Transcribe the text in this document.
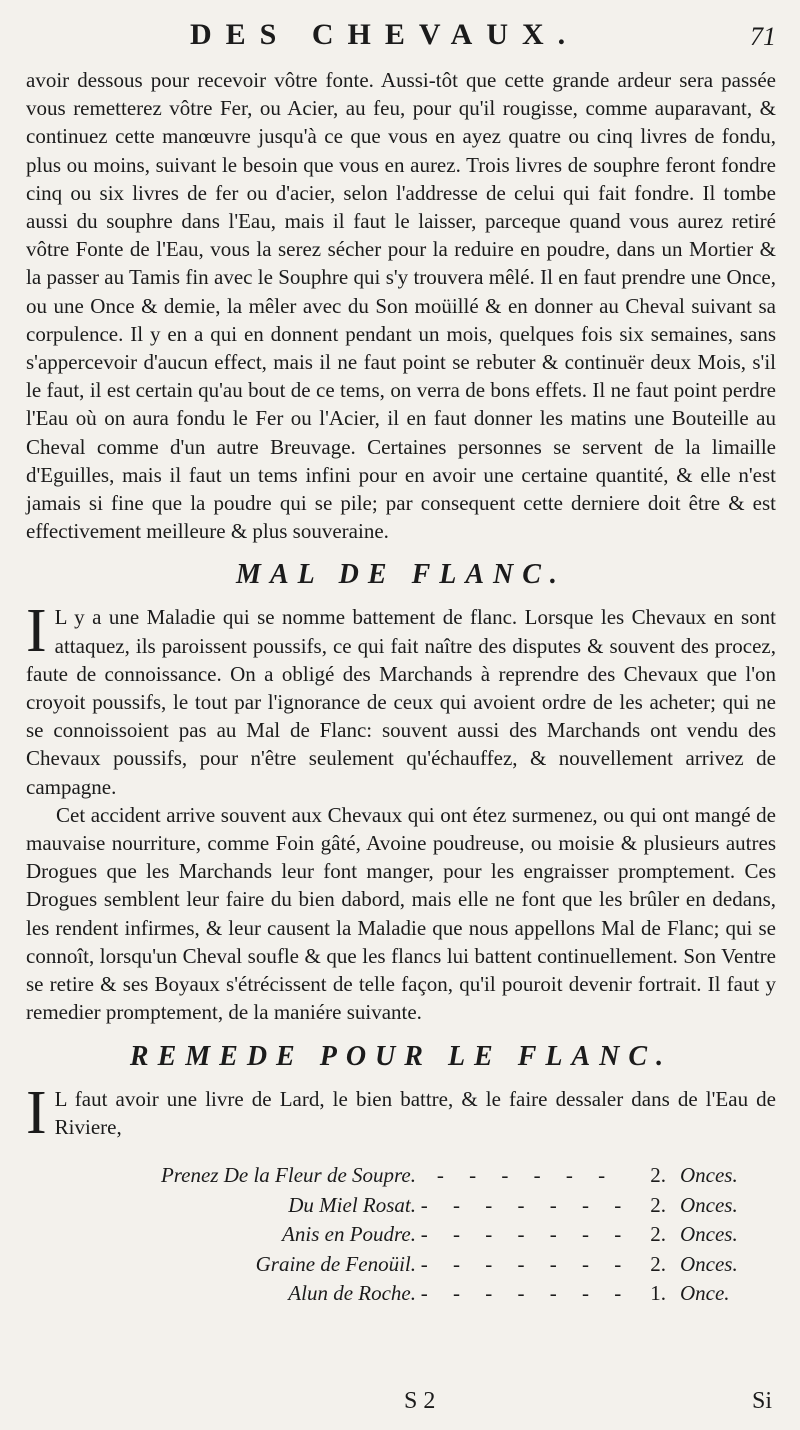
DES CHEVAUX.	71

avoir dessous pour recevoir vôtre fonte. Aussi-tôt que cette grande ardeur sera passée vous remetterez vôtre Fer, ou Acier, au feu, pour qu'il rougisse, comme auparavant, & continuez cette manœuvre jusqu'à ce que vous en ayez quatre ou cinq livres de fondu, plus ou moins, suivant le besoin que vous en aurez. Trois livres de souphre feront fondre cinq ou six livres de fer ou d'acier, selon l'addresse de celui qui fait fondre. Il tombe aussi du souphre dans l'Eau, mais il faut le laisser, parceque quand vous aurez retiré vôtre Fonte de l'Eau, vous la serez sécher pour la reduire en poudre, dans un Mortier & la passer au Tamis fin avec le Souphre qui s'y trouvera mêlé. Il en faut prendre une Once, ou une Once & demie, la mêler avec du Son moüillé & en donner au Cheval suivant sa corpulence. Il y en a qui en donnent pendant un mois, quelques fois six semaines, sans s'appercevoir d'aucun effect, mais il ne faut point se rebuter & continuër deux Mois, s'il le faut, il est certain qu'au bout de ce tems, on verra de bons effets. Il ne faut point perdre l'Eau où on aura fondu le Fer ou l'Acier, il en faut donner les matins une Bouteille au Cheval comme d'un autre Breuvage. Certaines personnes se servent de la limaille d'Eguilles, mais il faut un tems infini pour en avoir une certaine quantité, & elle n'est jamais si fine que la poudre qui se pile; par consequent cette derniere doit être & est effectivement meilleure & plus souveraine.

MAL DE FLANC.

IL y a une Maladie qui se nomme battement de flanc. Lorsque les Chevaux en sont attaquez, ils paroissent poussifs, ce qui fait naître des disputes & souvent des procez, faute de connoissance. On a obligé des Marchands à reprendre des Chevaux que l'on croyoit poussifs, le tout par l'ignorance de ceux qui avoient ordre de les acheter; qui ne se connoissoient pas au Mal de Flanc: souvent aussi des Marchands ont vendu des Chevaux poussifs, pour n'être seulement qu'échauffez, & nouvellement arrivez de campagne.

Cet accident arrive souvent aux Chevaux qui ont étez surmenez, ou qui ont mangé de mauvaise nourriture, comme Foin gâté, Avoine poudreuse, ou moisie & plusieurs autres Drogues que les Marchands leur font manger, pour les engraisser promptement. Ces Drogues semblent leur faire du bien dabord, mais elle ne font que les brûler en dedans, les rendent infirmes, & leur causent la Maladie que nous appellons Mal de Flanc; qui se connoît, lorsqu'un Cheval soufle & que les flancs lui battent continuellement. Son Ventre se retire & ses Boyaux s'étrécissent de telle façon, qu'il pouroit devenir fortrait. Il faut y remedier promptement, de la maniére suivante.

REMEDE POUR LE FLANC.

IL faut avoir une livre de Lard, le bien battre, & le faire dessaler dans de l'Eau de Riviere,

Prenez De la Fleur de Soupre. - - - - - -	2. Onces.
Du Miel Rosat. - - - - - - - 2. Onces.
Anis en Poudre. - - - - - - - 2. Onces.
Graine de Fenoüil. - - - - - - - 2. Onces.
Alun de Roche. - - - - - - - 1. Once.
S 2	Si
